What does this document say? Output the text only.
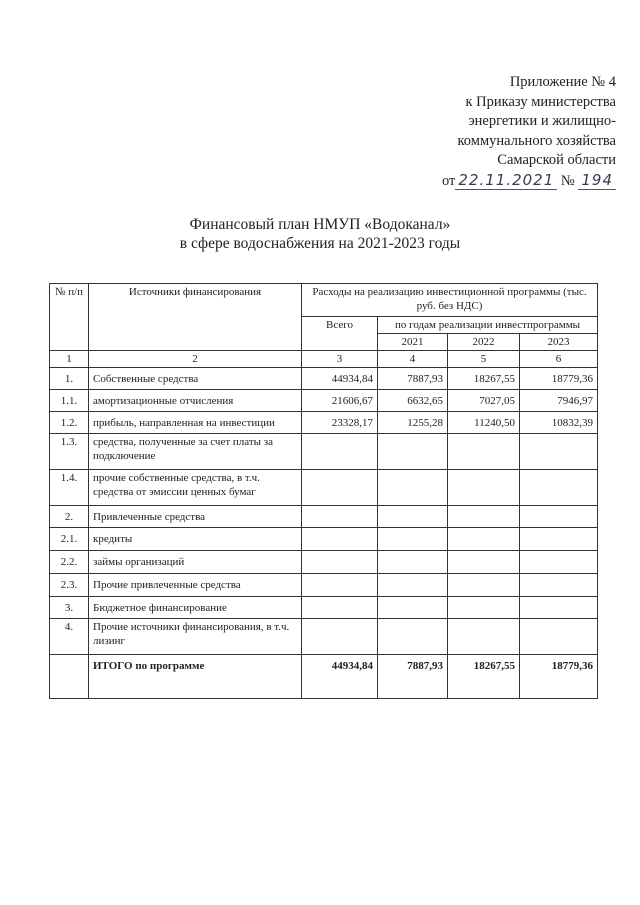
Приложение № 4
к Приказу министерства
энергетики и жилищно-
коммунального хозяйства
Самарской области
от 22.11.2021 № 194
Финансовый план НМУП «Водоканал»
в сфере водоснабжения на 2021-2023 годы
№ п/п	Источники финансирования	Расходы на реализацию инвестиционной программы (тыс. руб. без НДС)			
		Всего	по годам реализации инвестпрограммы		
			2021	2022	2023
1	2	3	4	5	6
1.	Собственные средства	44934,84	7887,93	18267,55	18779,36
1.1.	амортизационные отчисления	21606,67	6632,65	7027,05	7946,97
1.2.	прибыль, направленная на инвестиции	23328,17	1255,28	11240,50	10832,39
1.3.	средства, полученные за счет платы за подключение				
1.4.	прочие собственные средства, в т.ч. средства от эмиссии ценных бумаг				
2.	Привлеченные средства				
2.1.	кредиты				
2.2.	займы организаций				
2.3.	Прочие привлеченные средства				
3.	Бюджетное финансирование				
4.	Прочие источники финансирования, в т.ч. лизинг				
	ИТОГО по программе	44934,84	7887,93	18267,55	18779,36
